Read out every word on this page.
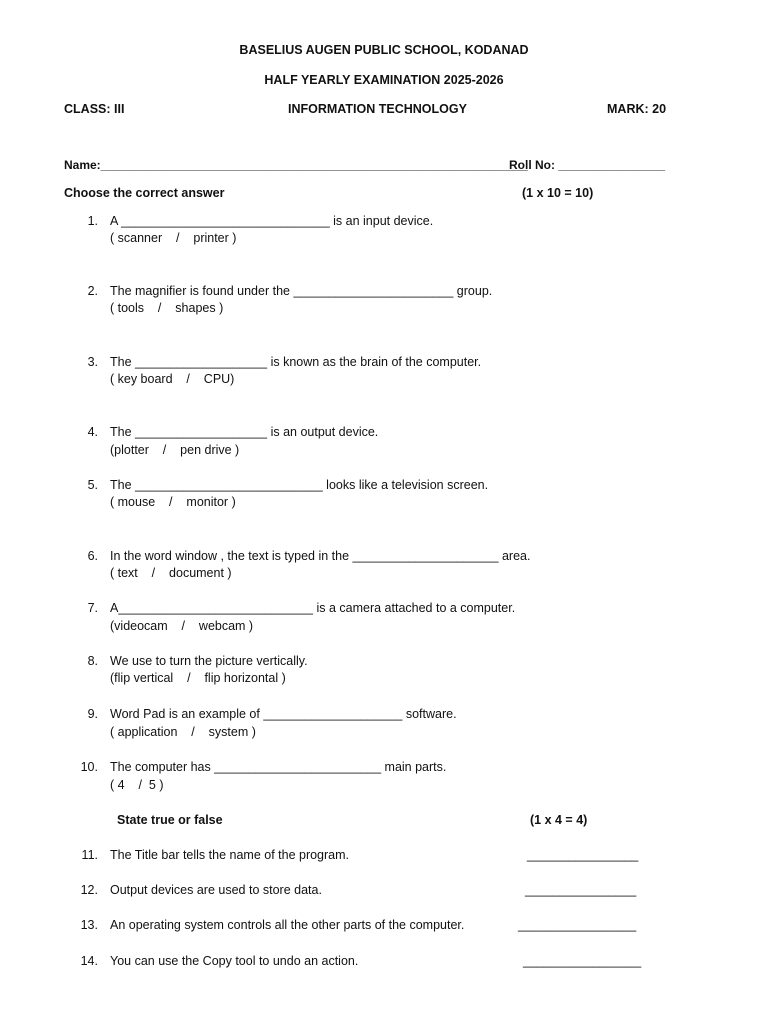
BASELIUS AUGEN PUBLIC SCHOOL, KODANAD
HALF YEARLY EXAMINATION 2025-2026
CLASS: III	INFORMATION TECHNOLOGY	MARK: 20
Name:________________________________________________________________
Roll No: ________________
Choose the correct answer	(1 x 10 = 10)
1. A ______________________________ is an input device.
( scanner    /    printer )
2. The magnifier is found under the _______________________ group.
( tools    /    shapes )
3. The ___________________ is known as the brain of the computer.
( key board    /    CPU)
4. The ___________________ is an output device.
(plotter    /    pen drive )
5. The ___________________________ looks like a television screen.
( mouse    /    monitor )
6. In the word window , the text is typed in the _____________________ area.
( text    /    document )
7. A____________________________ is a camera attached to a computer.
(videocam    /    webcam )
8. We use to turn the picture vertically.
(flip vertical    /    flip horizontal )
9. Word Pad is an example of ____________________ software.
( application    /    system )
10. The computer has ________________________ main parts.
( 4    /  5 )
State true or false	(1 x 4 = 4)
11. The Title bar tells the name of the program.	________________
12. Output devices are used to store data.	________________
13. An operating system controls all the other parts of the computer.	_________________
14. You can use the Copy tool to undo an action.	_________________
